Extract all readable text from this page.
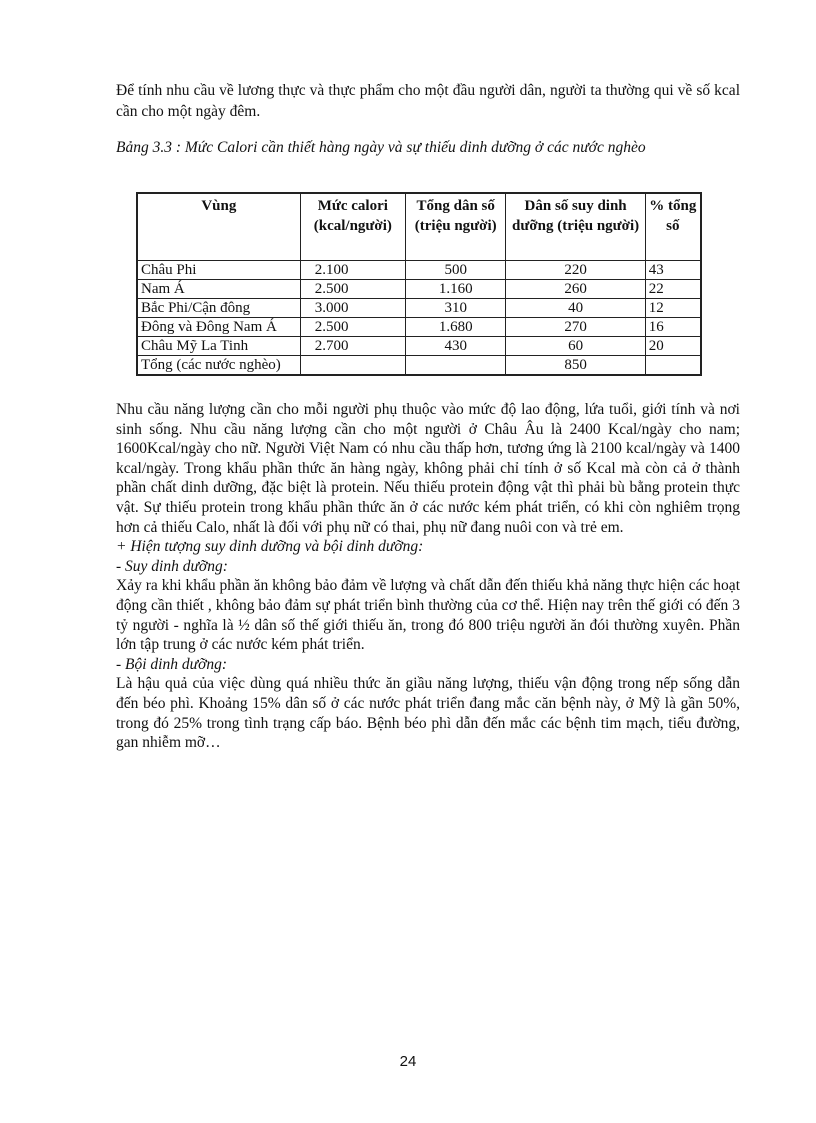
Để tính nhu cầu về lương thực và thực phẩm cho một đầu người dân, người ta thường qui về số kcal cần cho một ngày đêm.

Bảng 3.3 : Mức Calori cần thiết hàng ngày và sự thiếu dinh dưỡng ở các nước nghèo

Vùng	Mức calori (kcal/người)	Tổng dân số (triệu người)	Dân số suy dinh dưỡng (triệu người)	% tổng số
Châu Phi	2.100	500	220	43
Nam Á	2.500	1.160	260	22
Bắc Phi/Cận đông	3.000	310	40	12
Đông và Đông Nam Á	2.500	1.680	270	16
Châu Mỹ La Tinh	2.700	430	60	20
Tổng (các nước nghèo)			850	

Nhu cầu năng lượng cần cho mỗi người phụ thuộc vào mức độ lao động, lứa tuổi, giới tính và nơi sinh sống. Nhu cầu năng lượng cần cho một người ở Châu Âu là 2400 Kcal/ngày cho nam; 1600Kcal/ngày cho nữ. Người Việt Nam có nhu cầu thấp hơn, tương ứng là 2100 kcal/ngày và 1400 kcal/ngày. Trong khẩu phần thức ăn hàng ngày, không phải chỉ tính ở số Kcal mà còn cả ở thành phần chất dinh dưỡng, đặc biệt là protein. Nếu thiếu protein động vật thì phải bù bằng protein thực vật. Sự thiếu protein trong khẩu phần thức ăn ở các nước kém phát triển, có khi còn nghiêm trọng hơn cả thiếu Calo, nhất là đối với phụ nữ có thai, phụ nữ đang nuôi con và trẻ em.

+ Hiện tượng suy dinh dưỡng và bội dinh dưỡng:

- Suy dinh dưỡng:

Xảy ra khi khẩu phần ăn không bảo đảm về lượng và chất dẫn đến thiếu khả năng thực hiện các hoạt động cần thiết , không bảo đảm sự phát triển bình thường của cơ thể. Hiện nay trên thế giới có đến 3 tỷ người - nghĩa là ½ dân số thế giới thiếu ăn, trong đó 800 triệu người ăn đói thường xuyên. Phần lớn tập trung ở các nước kém phát triển.

- Bội dinh dưỡng:

Là hậu quả của việc dùng quá nhiều thức ăn giầu năng lượng, thiếu vận động trong nếp sống dẫn đến béo phì. Khoảng 15% dân số ở các nước phát triển đang mắc căn bệnh này, ở Mỹ là gần 50%, trong đó 25% trong tình trạng cấp báo. Bệnh béo phì dẫn đến mắc các bệnh tim mạch, tiểu đường, gan nhiễm mỡ…

24
